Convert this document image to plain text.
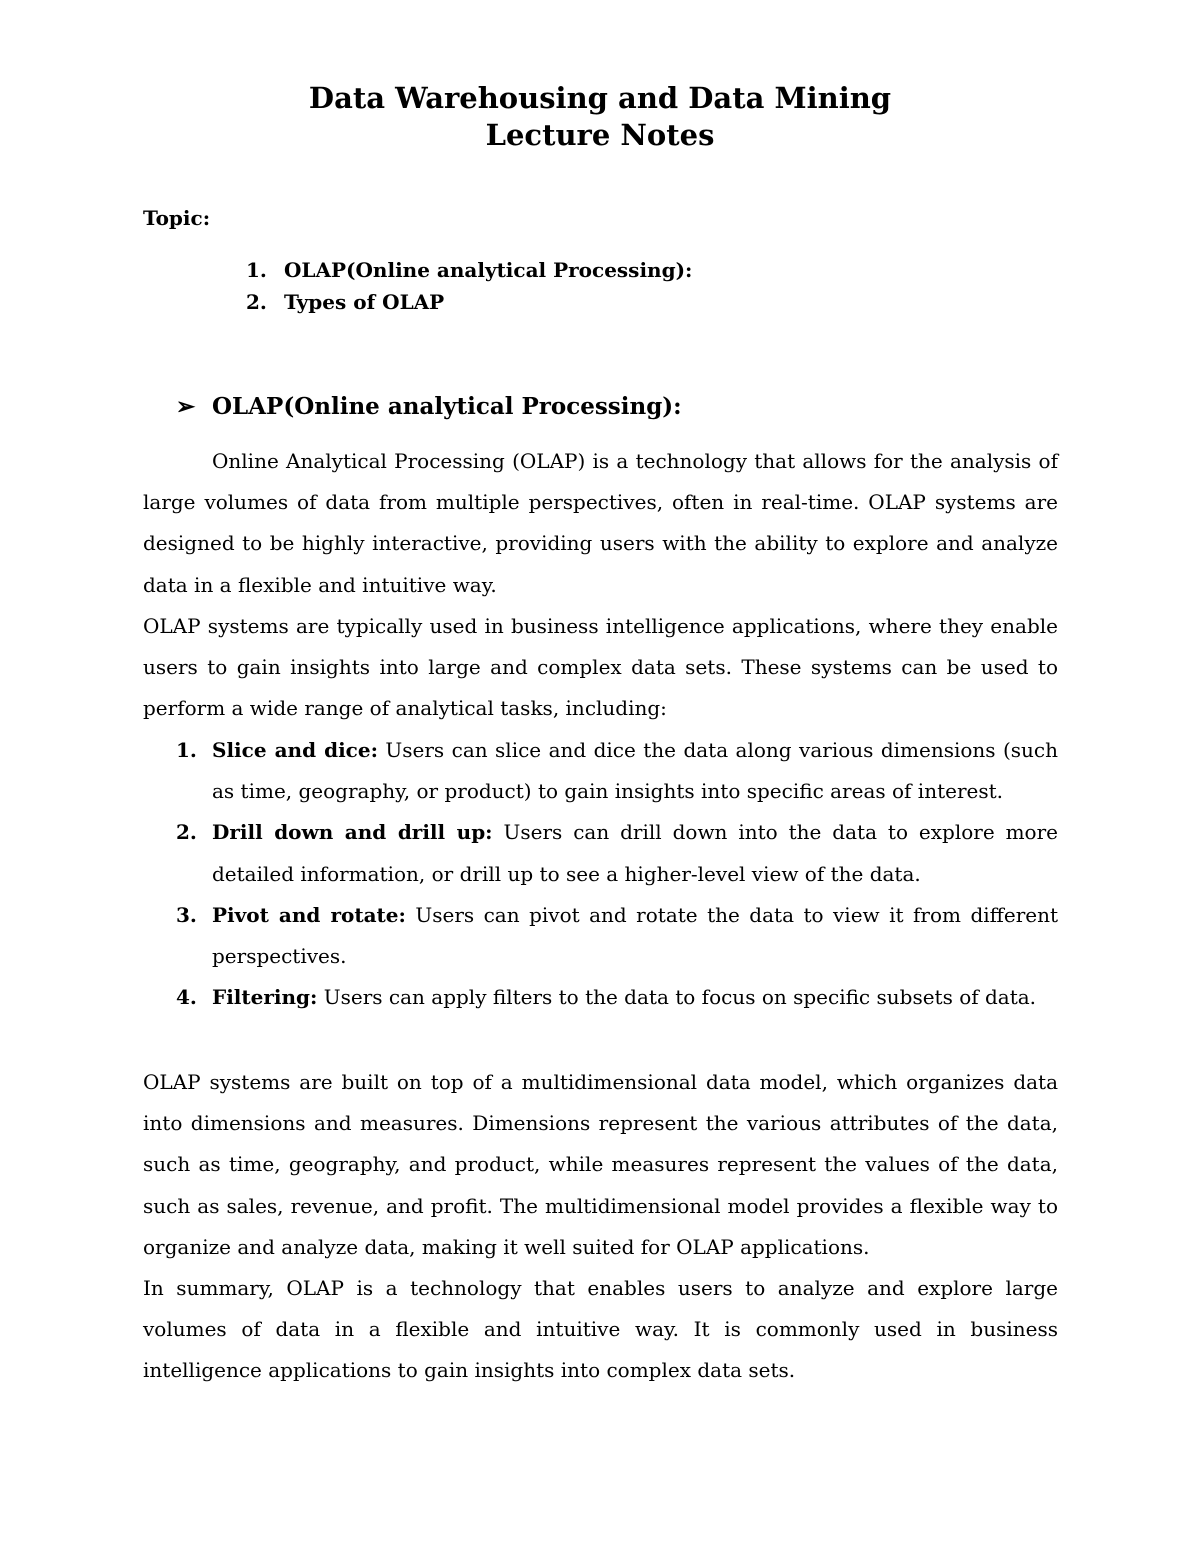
Data Warehousing and Data Mining
Lecture Notes

Topic:

1. OLAP(Online analytical Processing):
2. Types of OLAP
➢ OLAP(Online analytical Processing):

Online Analytical Processing (OLAP) is a technology that allows for the analysis of large volumes of data from multiple perspectives, often in real-time. OLAP systems are designed to be highly interactive, providing users with the ability to explore and analyze data in a flexible and intuitive way.

OLAP systems are typically used in business intelligence applications, where they enable users to gain insights into large and complex data sets. These systems can be used to perform a wide range of analytical tasks, including:

1. Slice and dice: Users can slice and dice the data along various dimensions (such as time, geography, or product) to gain insights into specific areas of interest.
2. Drill down and drill up: Users can drill down into the data to explore more detailed information, or drill up to see a higher-level view of the data.
3. Pivot and rotate: Users can pivot and rotate the data to view it from different perspectives.
4. Filtering: Users can apply filters to the data to focus on specific subsets of data.

OLAP systems are built on top of a multidimensional data model, which organizes data into dimensions and measures. Dimensions represent the various attributes of the data, such as time, geography, and product, while measures represent the values of the data, such as sales, revenue, and profit. The multidimensional model provides a flexible way to organize and analyze data, making it well suited for OLAP applications.

In summary, OLAP is a technology that enables users to analyze and explore large volumes of data in a flexible and intuitive way. It is commonly used in business intelligence applications to gain insights into complex data sets.
